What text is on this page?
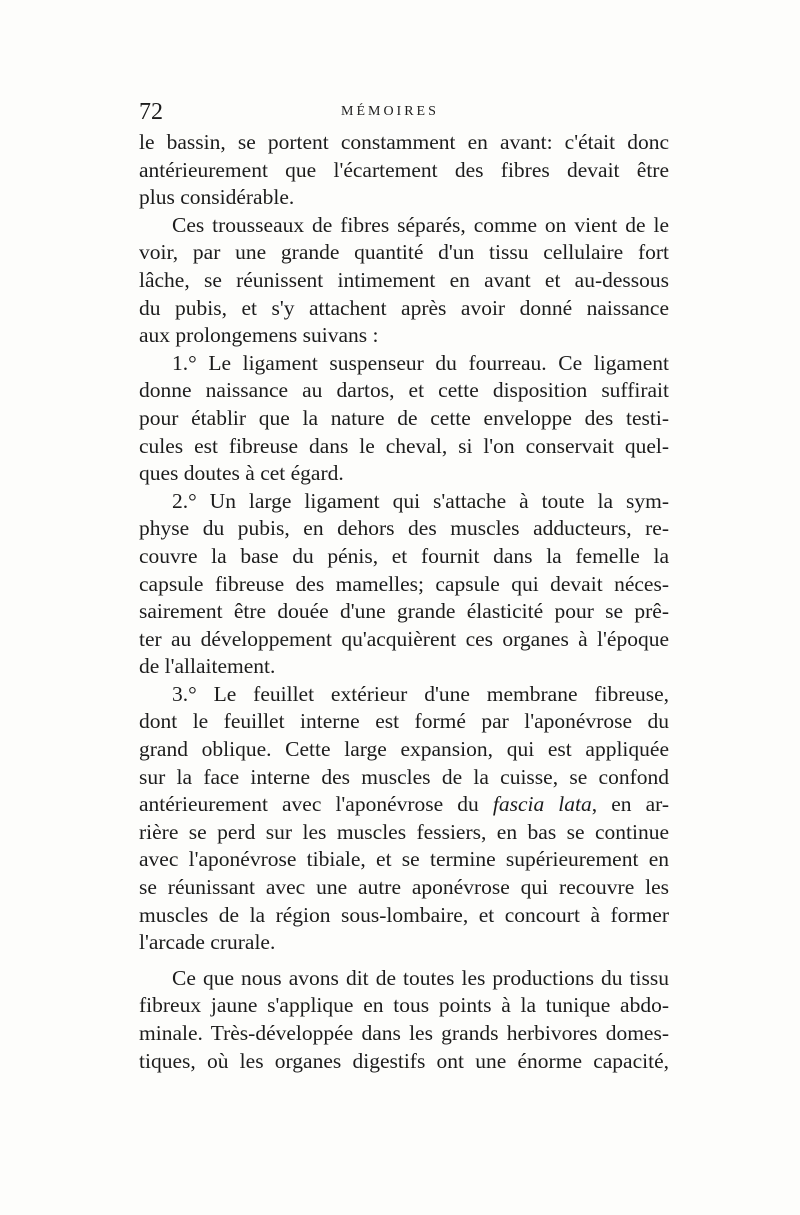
72	MÉMOIRES
le bassin, se portent constamment en avant: c'était donc
antérieurement que l'écartement des fibres devait être
plus considérable.
Ces trousseaux de fibres séparés, comme on vient de le
voir, par une grande quantité d'un tissu cellulaire fort
lâche, se réunissent intimement en avant et au-dessous
du pubis, et s'y attachent après avoir donné naissance
aux prolongemens suivans :
1.° Le ligament suspenseur du fourreau. Ce ligament
donne naissance au dartos, et cette disposition suffirait
pour établir que la nature de cette enveloppe des testi-
cules est fibreuse dans le cheval, si l'on conservait quel-
ques doutes à cet égard.
2.° Un large ligament qui s'attache à toute la sym-
physe du pubis, en dehors des muscles adducteurs, re-
couvre la base du pénis, et fournit dans la femelle la
capsule fibreuse des mamelles; capsule qui devait néces-
sairement être douée d'une grande élasticité pour se prê-
ter au développement qu'acquièrent ces organes à l'époque
de l'allaitement.
3.° Le feuillet extérieur d'une membrane fibreuse,
dont le feuillet interne est formé par l'aponévrose du
grand oblique. Cette large expansion, qui est appliquée
sur la face interne des muscles de la cuisse, se confond
antérieurement avec l'aponévrose du fascia lata, en ar-
rière se perd sur les muscles fessiers, en bas se continue
avec l'aponévrose tibiale, et se termine supérieurement en
se réunissant avec une autre aponévrose qui recouvre les
muscles de la région sous-lombaire, et concourt à former
l'arcade crurale.
Ce que nous avons dit de toutes les productions du tissu
fibreux jaune s'applique en tous points à la tunique abdo-
minale. Très-développée dans les grands herbivores domes-
tiques, où les organes digestifs ont une énorme capacité,
